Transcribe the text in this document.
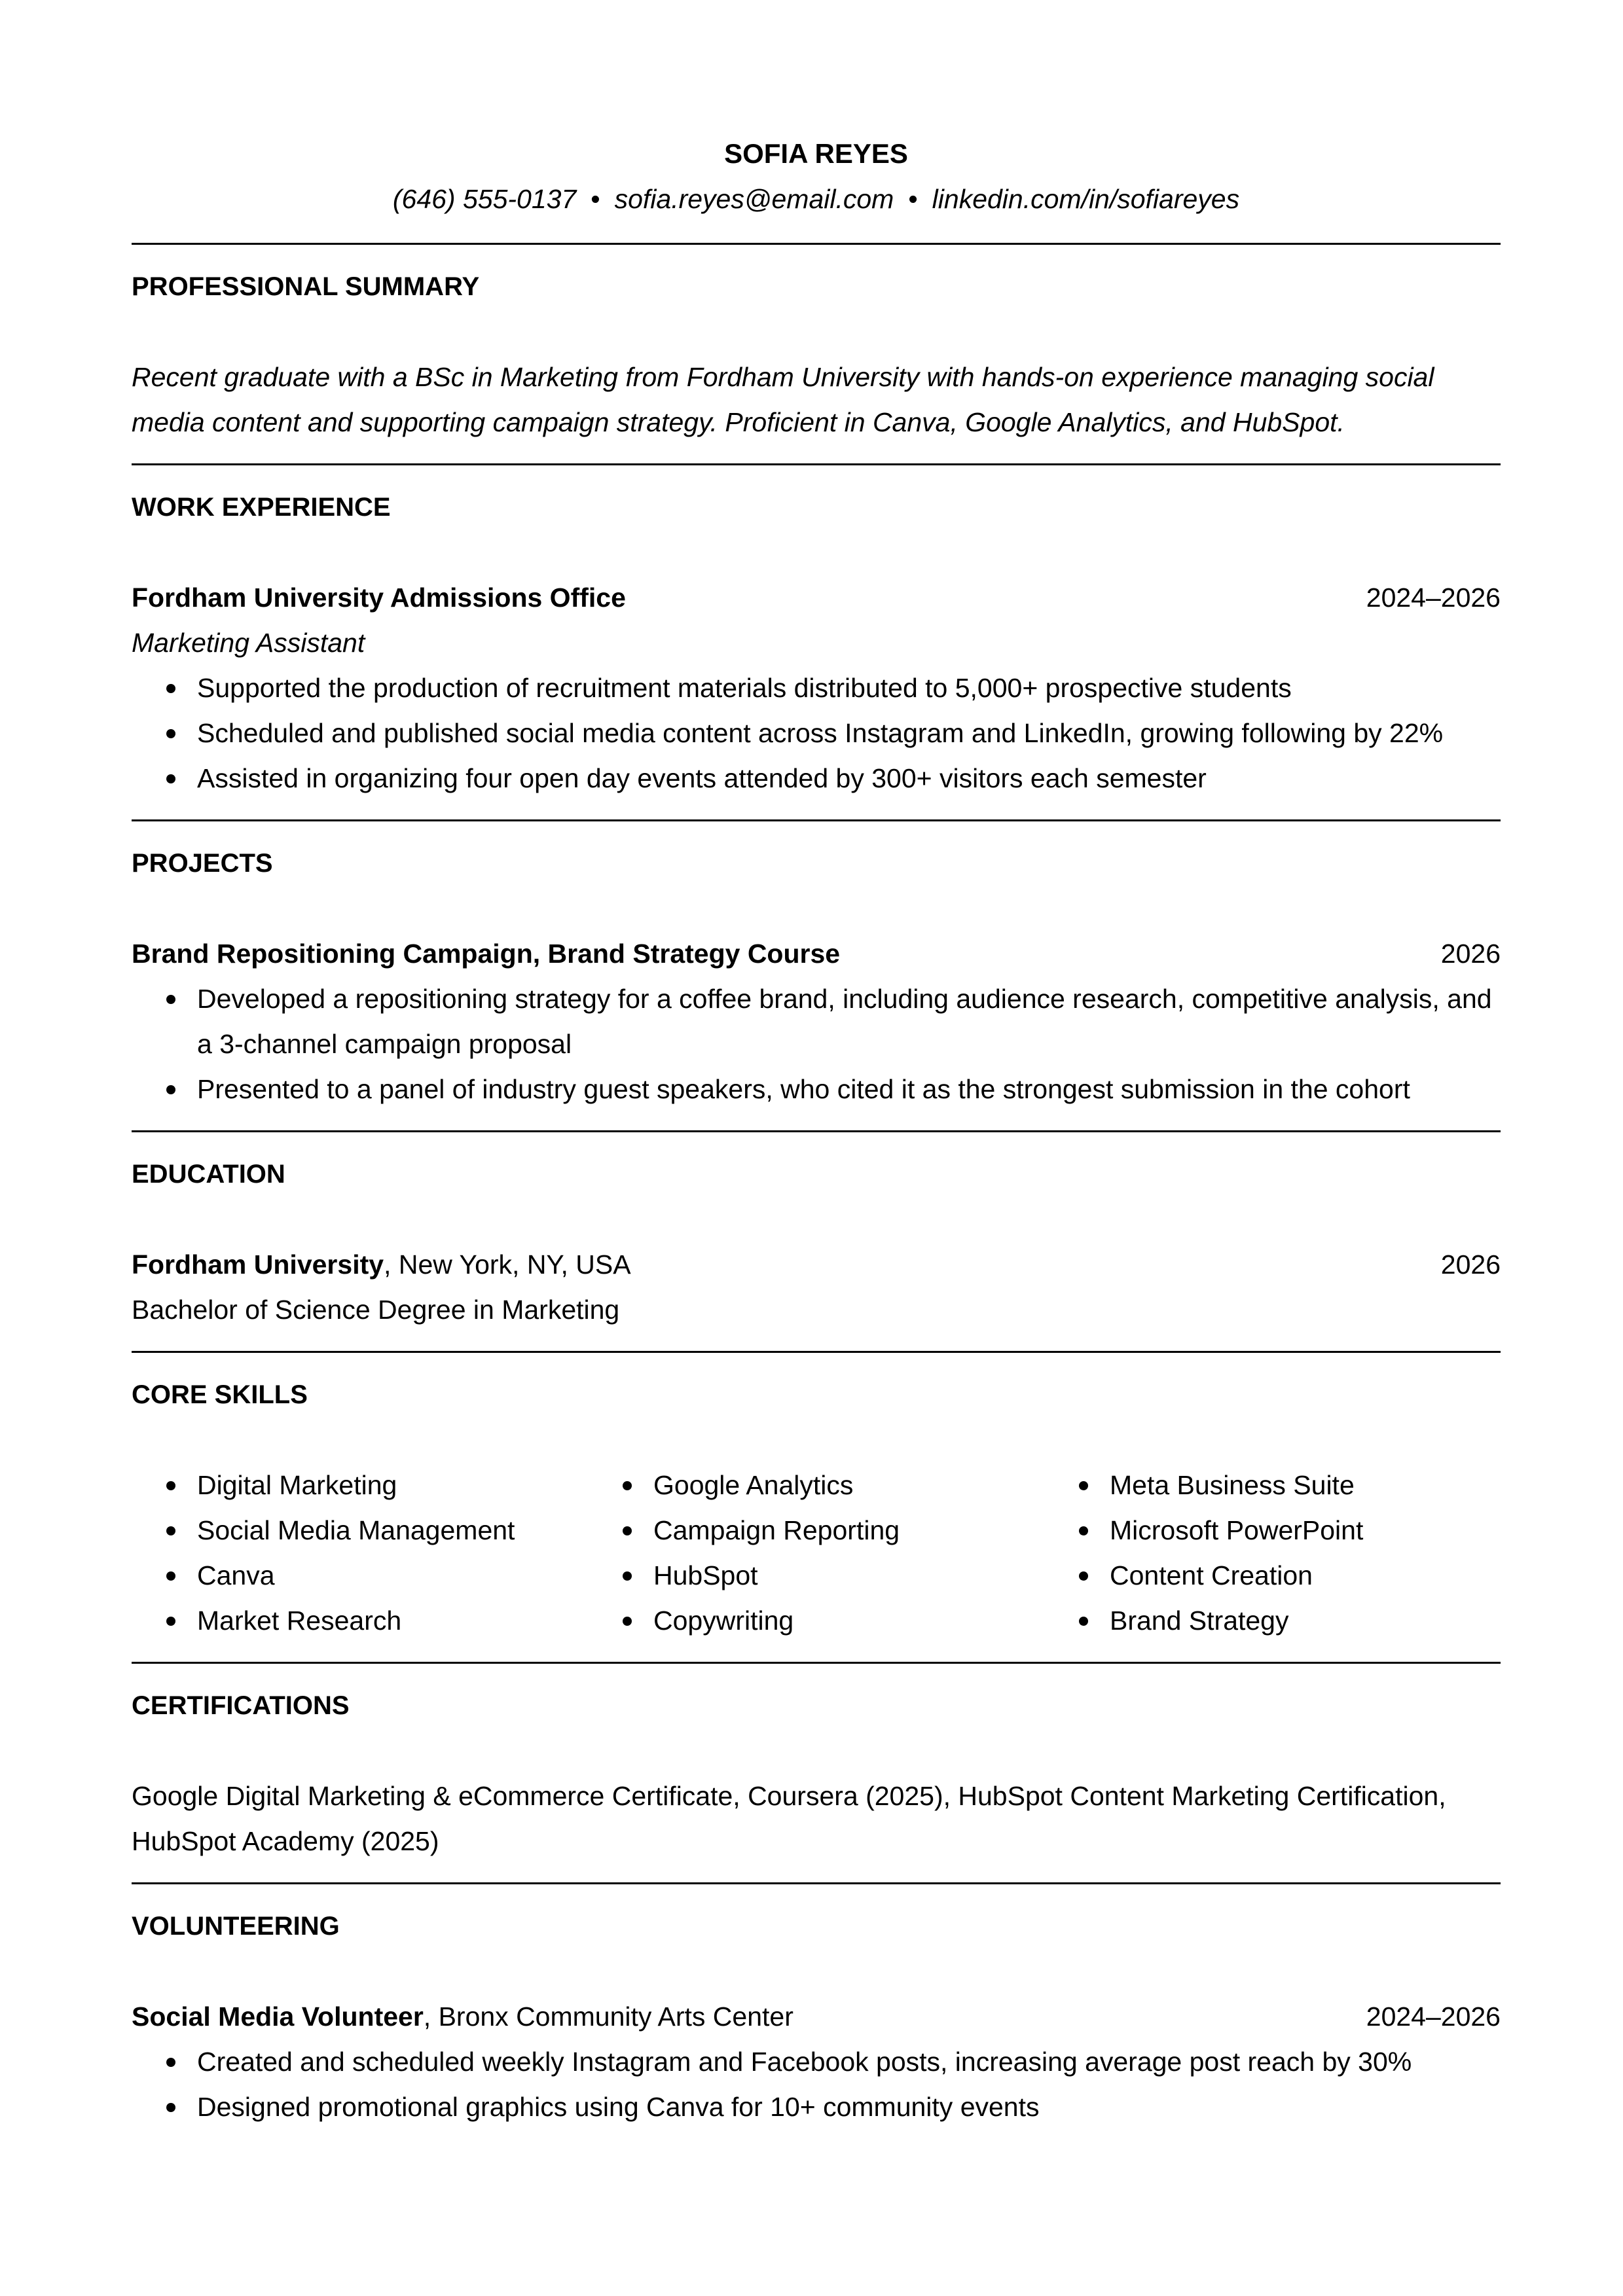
SOFIA REYES
(646) 555-0137 • sofia.reyes@email.com • linkedin.com/in/sofiareyes
PROFESSIONAL SUMMARY
Recent graduate with a BSc in Marketing from Fordham University with hands-on experience managing social media content and supporting campaign strategy. Proficient in Canva, Google Analytics, and HubSpot.
WORK EXPERIENCE
Fordham University Admissions Office	2024–2026
Marketing Assistant
Supported the production of recruitment materials distributed to 5,000+ prospective students
Scheduled and published social media content across Instagram and LinkedIn, growing following by 22%
Assisted in organizing four open day events attended by 300+ visitors each semester
PROJECTS
Brand Repositioning Campaign, Brand Strategy Course	2026
Developed a repositioning strategy for a coffee brand, including audience research, competitive analysis, and a 3-channel campaign proposal
Presented to a panel of industry guest speakers, who cited it as the strongest submission in the cohort
EDUCATION
Fordham University, New York, NY, USA	2026
Bachelor of Science Degree in Marketing
CORE SKILLS
Digital Marketing
Social Media Management
Canva
Market Research
Google Analytics
Campaign Reporting
HubSpot
Copywriting
Meta Business Suite
Microsoft PowerPoint
Content Creation
Brand Strategy
CERTIFICATIONS
Google Digital Marketing & eCommerce Certificate, Coursera (2025), HubSpot Content Marketing Certification, HubSpot Academy (2025)
VOLUNTEERING
Social Media Volunteer, Bronx Community Arts Center	2024–2026
Created and scheduled weekly Instagram and Facebook posts, increasing average post reach by 30%
Designed promotional graphics using Canva for 10+ community events
